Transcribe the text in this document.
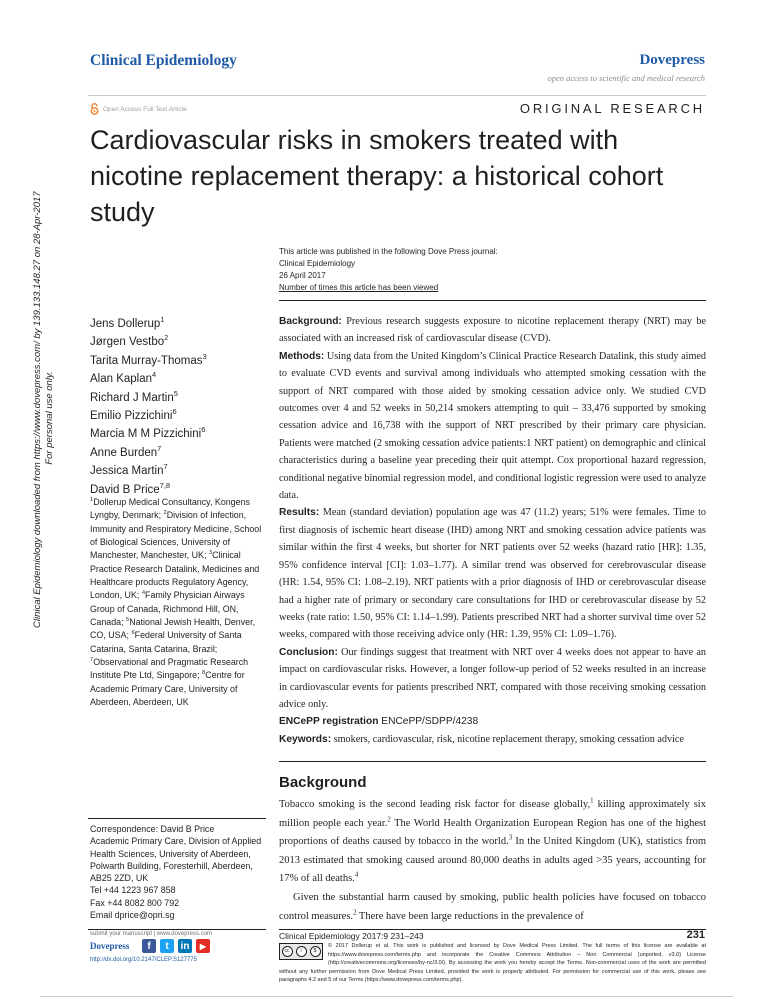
Clinical Epidemiology	Dovepress
open access to scientific and medical research
Open Access Full Text Article	ORIGINAL RESEARCH
Cardiovascular risks in smokers treated with nicotine replacement therapy: a historical cohort study
Clinical Epidemiology downloaded from https://www.dovepress.com/ by 139.133.148.27 on 28-Apr-2017 For personal use only.
This article was published in the following Dove Press journal:
Clinical Epidemiology
26 April 2017
Number of times this article has been viewed
Jens Dollerup$^1$
Jørgen Vestbo$^2$
Tarita Murray-Thomas$^3$
Alan Kaplan$^4$
Richard J Martin$^5$
Emilio Pizzichini$^6$
Marcia M M Pizzichini$^6$
Anne Burden$^7$
Jessica Martin$^7$
David B Price$^{7,8}$
$^1$Dollerup Medical Consultancy, Kongens Lyngby, Denmark; $^2$Division of Infection, Immunity and Respiratory Medicine, School of Biological Sciences, University of Manchester, Manchester, UK; $^3$Clinical Practice Research Datalink, Medicines and Healthcare products Regulatory Agency, London, UK; $^4$Family Physician Airways Group of Canada, Richmond Hill, ON, Canada; $^5$National Jewish Health, Denver, CO, USA; $^6$Federal University of Santa Catarina, Santa Catarina, Brazil; $^7$Observational and Pragmatic Research Institute Pte Ltd, Singapore; $^8$Centre for Academic Primary Care, University of Aberdeen, Aberdeen, UK

Background: Previous research suggests exposure to nicotine replacement therapy (NRT) may be associated with an increased risk of cardiovascular disease (CVD).

Methods: Using data from the United Kingdom’s Clinical Practice Research Datalink, this study aimed to evaluate CVD events and survival among individuals who attempted smoking cessation with the support of NRT compared with those aided by smoking cessation advice only. We studied CVD outcomes over 4 and 52 weeks in 50,214 smokers attempting to quit – 33,476 supported by smoking cessation advice and 16,738 with the support of NRT prescribed by their primary care physician. Patients were matched (2 smoking cessation advice patients:1 NRT patient) on demographic and clinical characteristics during a baseline year preceding their quit attempt. Cox proportional hazard regression, conditional negative binomial regression model, and conditional logistic regression were used to analyze data.

Results: Mean (standard deviation) population age was 47 (11.2) years; 51% were females. Time to first diagnosis of ischemic heart disease (IHD) among NRT and smoking cessation advice patients was similar within the first 4 weeks, but shorter for NRT patients over 52 weeks (hazard ratio [HR]: 1.35, 95% confidence interval [CI]: 1.03–1.77). A similar trend was observed for cerebrovascular disease (HR: 1.54, 95% CI: 1.08–2.19). NRT patients with a prior diagnosis of IHD or cerebrovascular disease had a higher rate of primary or secondary care consultations for IHD or cerebrovascular disease by 52 weeks (rate ratio: 1.50, 95% CI: 1.14–1.99). Patients prescribed NRT had a shorter survival time over 52 weeks, compared with those receiving advice only (HR: 1.39, 95% CI: 1.09–1.76).

Conclusion: Our findings suggest that treatment with NRT over 4 weeks does not appear to have an impact on cardiovascular risks. However, a longer follow-up period of 52 weeks resulted in an increase in cardiovascular events for patients prescribed NRT, compared with those receiving smoking cessation advice only.

ENCePP registration ENCePP/SDPP/4238

Keywords: smokers, cardiovascular, risk, nicotine replacement therapy, smoking cessation advice

Background

Tobacco smoking is the second leading risk factor for disease globally,$^1$ killing approximately six million people each year.$^2$ The World Health Organization European Region has one of the highest proportions of deaths caused by tobacco in the world.$^3$ In the United Kingdom (UK), statistics from 2013 estimated that smoking caused around 80,000 deaths in adults aged >35 years, accounting for 17% of all deaths.$^4$

Given the substantial harm caused by smoking, public health policies have focused on tobacco control measures.$^2$ There have been large reductions in the prevalence of

Correspondence: David B Price
Academic Primary Care, Division of Applied Health Sciences, University of Aberdeen, Polwarth Building, Foresterhill, Aberdeen, AB25 2ZD, UK
Tel +44 1223 967 858
Fax +44 8082 800 792
Email dprice@opri.sg
submit your manuscript | www.dovepress.com
Dovepress	f	t	in	▶
http://dx.doi.org/10.2147/CLEP.S127775
Clinical Epidemiology 2017:9 231–243	231
cc	i	$
© 2017 Dollerup et al. This work is published and licensed by Dove Medical Press Limited. The full terms of this license are available at https://www.dovepress.com/terms.php and incorporate the Creative Commons Attribution – Non Commercial (unported, v3.0) License (http://creativecommons.org/licenses/by-nc/3.0/). By accessing the work you hereby accept the Terms. Non-commercial uses of the work are permitted without any further permission from Dove Medical Press Limited, provided the work is properly attributed. For permission for commercial use of this work, please see paragraphs 4.2 and 5 of our Terms (https://www.dovepress.com/terms.php).
